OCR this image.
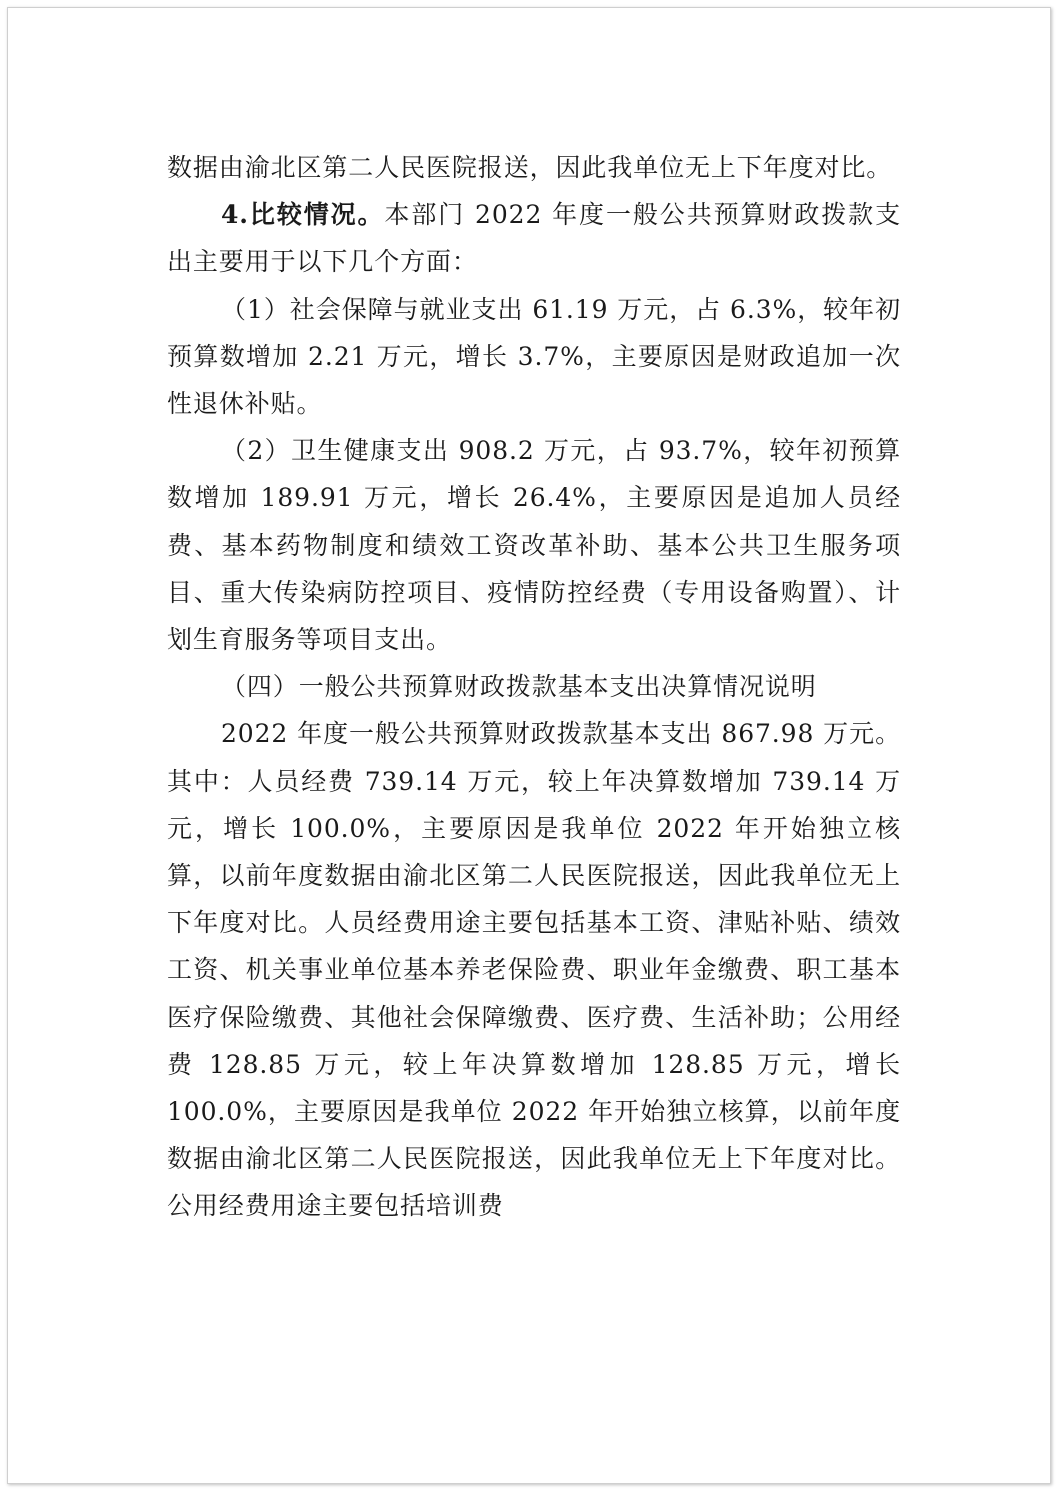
数据由渝北区第二人民医院报送，因此我单位无上下年度对比。

4.比较情况。本部门 2022 年度一般公共预算财政拨款支出主要用于以下几个方面：

（1）社会保障与就业支出 61.19 万元，占 6.3%，较年初预算数增加 2.21 万元，增长 3.7%，主要原因是财政追加一次性退休补贴。

（2）卫生健康支出 908.2 万元，占 93.7%，较年初预算数增加 189.91 万元，增长 26.4%，主要原因是追加人员经费、基本药物制度和绩效工资改革补助、基本公共卫生服务项目、重大传染病防控项目、疫情防控经费（专用设备购置）、计划生育服务等项目支出。

（四）一般公共预算财政拨款基本支出决算情况说明

2022 年度一般公共预算财政拨款基本支出 867.98 万元。其中：人员经费 739.14 万元，较上年决算数增加 739.14 万元，增长 100.0%，主要原因是我单位 2022 年开始独立核算，以前年度数据由渝北区第二人民医院报送，因此我单位无上下年度对比。人员经费用途主要包括基本工资、津贴补贴、绩效工资、机关事业单位基本养老保险费、职业年金缴费、职工基本医疗保险缴费、其他社会保障缴费、医疗费、生活补助；公用经费 128.85 万元，较上年决算数增加 128.85 万元，增长 100.0%，主要原因是我单位 2022 年开始独立核算，以前年度数据由渝北区第二人民医院报送，因此我单位无上下年度对比。公用经费用途主要包括培训费
